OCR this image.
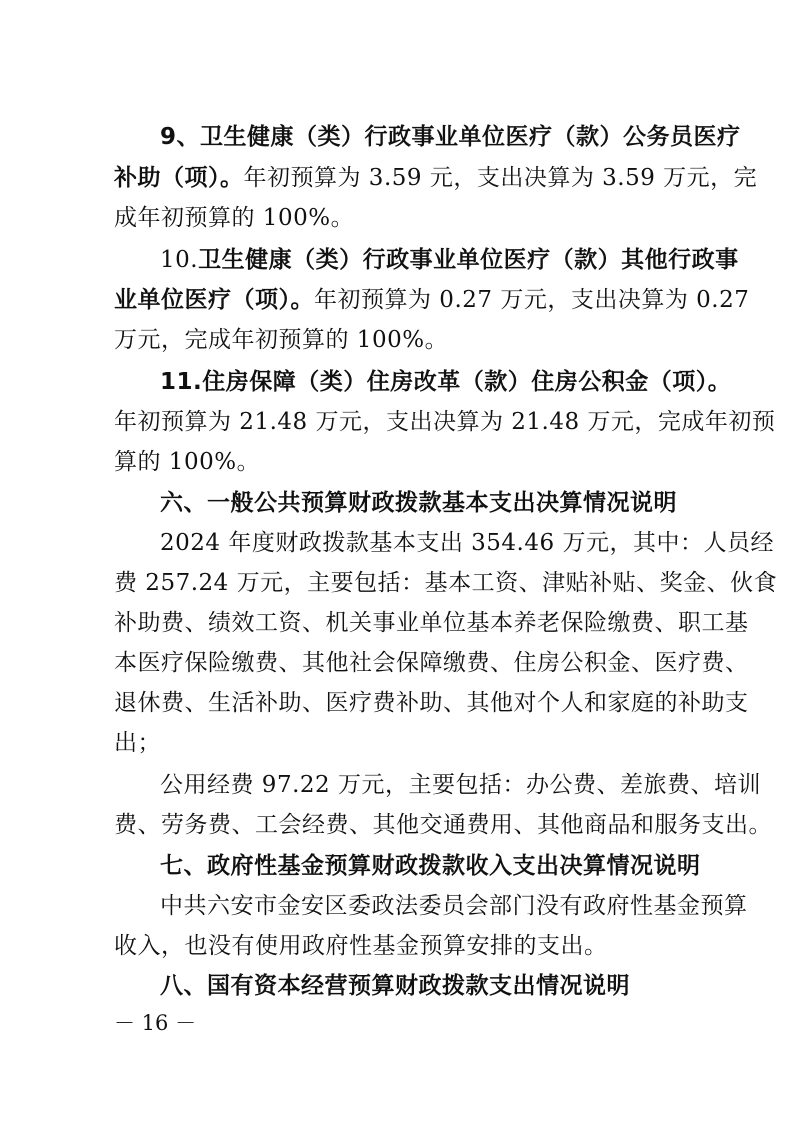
9、卫生健康（类）行政事业单位医疗（款）公务员医疗
补助（项）。年初预算为 3.59 元，支出决算为 3.59 万元，完
成年初预算的 100%。
10.卫生健康（类）行政事业单位医疗（款）其他行政事
业单位医疗（项）。年初预算为 0.27 万元，支出决算为 0.27
万元，完成年初预算的 100%。
11.住房保障（类）住房改革（款）住房公积金（项）。
年初预算为 21.48 万元，支出决算为 21.48 万元，完成年初预
算的 100%。
六、一般公共预算财政拨款基本支出决算情况说明
2024 年度财政拨款基本支出 354.46 万元，其中：人员经
费 257.24 万元，主要包括：基本工资、津贴补贴、奖金、伙食
补助费、绩效工资、机关事业单位基本养老保险缴费、职工基
本医疗保险缴费、其他社会保障缴费、住房公积金、医疗费、
退休费、生活补助、医疗费补助、其他对个人和家庭的补助支
出；
公用经费 97.22 万元，主要包括：办公费、差旅费、培训
费、劳务费、工会经费、其他交通费用、其他商品和服务支出。
七、政府性基金预算财政拨款收入支出决算情况说明
中共六安市金安区委政法委员会部门没有政府性基金预算
收入，也没有使用政府性基金预算安排的支出。
八、国有资本经营预算财政拨款支出情况说明
－ 16 －
